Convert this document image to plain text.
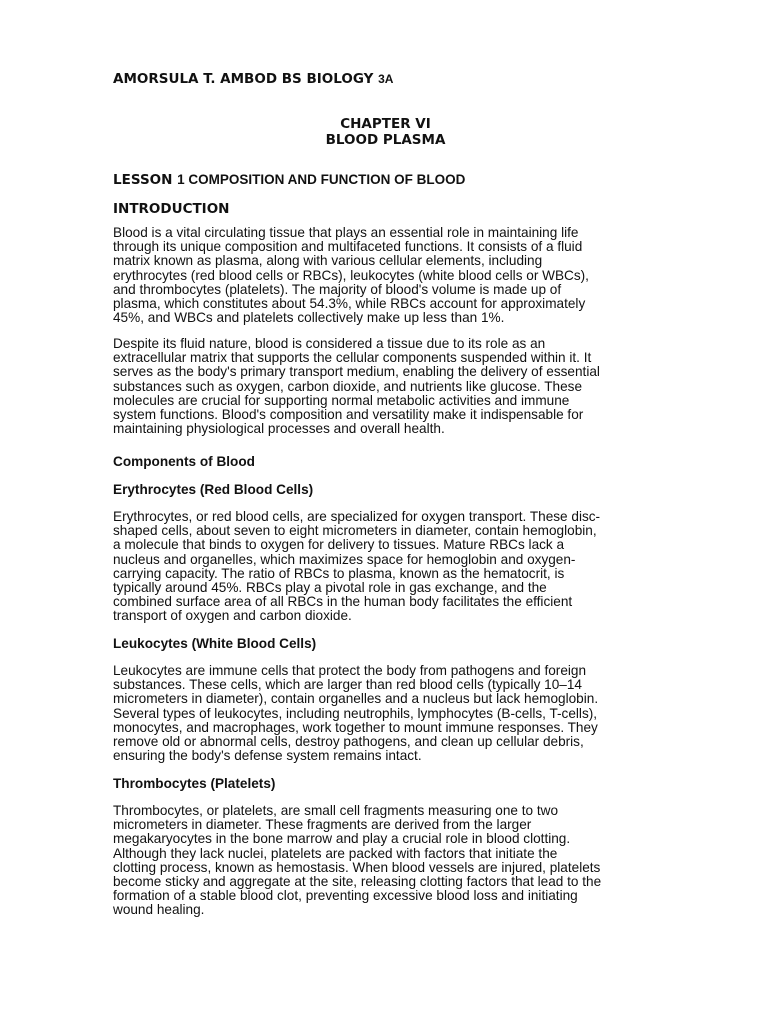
AMORSULA T. AMBOD BS BIOLOGY 3A
CHAPTER VI
BLOOD PLASMA
LESSON 1 COMPOSITION AND FUNCTION OF BLOOD
INTRODUCTION

Blood is a vital circulating tissue that plays an essential role in maintaining life
through its unique composition and multifaceted functions. It consists of a fluid
matrix known as plasma, along with various cellular elements, including
erythrocytes (red blood cells or RBCs), leukocytes (white blood cells or WBCs),
and thrombocytes (platelets). The majority of blood's volume is made up of
plasma, which constitutes about 54.3%, while RBCs account for approximately
45%, and WBCs and platelets collectively make up less than 1%.

Despite its fluid nature, blood is considered a tissue due to its role as an
extracellular matrix that supports the cellular components suspended within it. It
serves as the body's primary transport medium, enabling the delivery of essential
substances such as oxygen, carbon dioxide, and nutrients like glucose. These
molecules are crucial for supporting normal metabolic activities and immune
system functions. Blood's composition and versatility make it indispensable for
maintaining physiological processes and overall health.

Components of Blood
Erythrocytes (Red Blood Cells)

Erythrocytes, or red blood cells, are specialized for oxygen transport. These disc-
shaped cells, about seven to eight micrometers in diameter, contain hemoglobin,
a molecule that binds to oxygen for delivery to tissues. Mature RBCs lack a
nucleus and organelles, which maximizes space for hemoglobin and oxygen-
carrying capacity. The ratio of RBCs to plasma, known as the hematocrit, is
typically around 45%. RBCs play a pivotal role in gas exchange, and the
combined surface area of all RBCs in the human body facilitates the efficient
transport of oxygen and carbon dioxide.

Leukocytes (White Blood Cells)

Leukocytes are immune cells that protect the body from pathogens and foreign
substances. These cells, which are larger than red blood cells (typically 10–14
micrometers in diameter), contain organelles and a nucleus but lack hemoglobin.
Several types of leukocytes, including neutrophils, lymphocytes (B-cells, T-cells),
monocytes, and macrophages, work together to mount immune responses. They
remove old or abnormal cells, destroy pathogens, and clean up cellular debris,
ensuring the body's defense system remains intact.

Thrombocytes (Platelets)

Thrombocytes, or platelets, are small cell fragments measuring one to two
micrometers in diameter. These fragments are derived from the larger
megakaryocytes in the bone marrow and play a crucial role in blood clotting.
Although they lack nuclei, platelets are packed with factors that initiate the
clotting process, known as hemostasis. When blood vessels are injured, platelets
become sticky and aggregate at the site, releasing clotting factors that lead to the
formation of a stable blood clot, preventing excessive blood loss and initiating
wound healing.
